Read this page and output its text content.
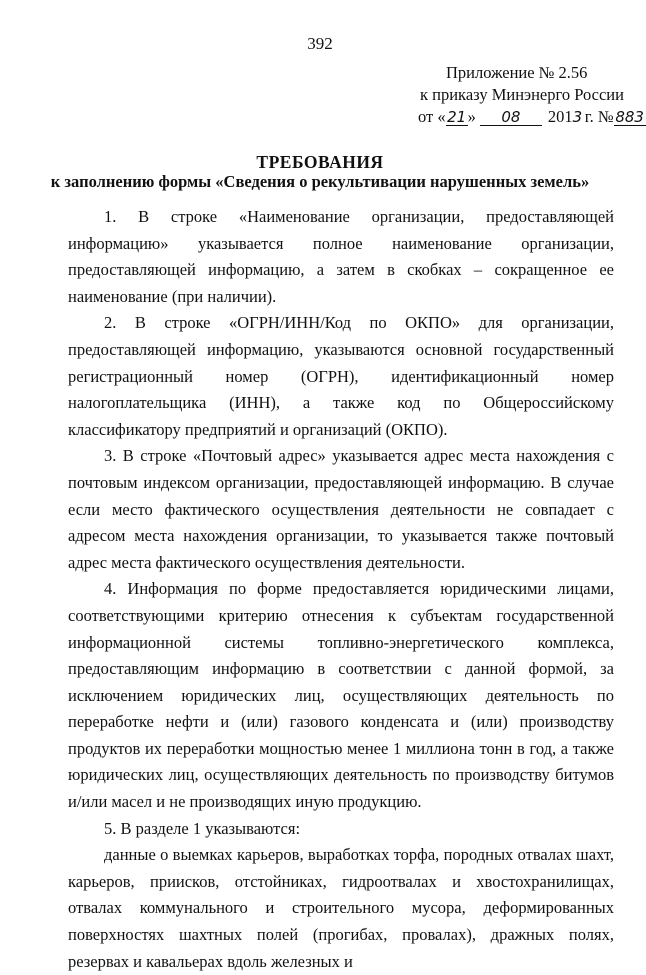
392
Приложение № 2.56
к приказу Минэнерго России
от «21» 08 2013 г. № 883
ТРЕБОВАНИЯ
к заполнению формы «Сведения о рекультивации нарушенных земель»

1. В строке «Наименование организации, предоставляющей информацию» указывается полное наименование организации, предоставляющей информацию, а затем в скобках – сокращенное ее наименование (при наличии).

2. В строке «ОГРН/ИНН/Код по ОКПО» для организации, предоставляющей информацию, указываются основной государственный регистрационный номер (ОГРН), идентификационный номер налогоплательщика (ИНН), а также код по Общероссийскому классификатору предприятий и организаций (ОКПО).

3. В строке «Почтовый адрес» указывается адрес места нахождения с почтовым индексом организации, предоставляющей информацию. В случае если место фактического осуществления деятельности не совпадает с адресом места нахождения организации, то указывается также почтовый адрес места фактического осуществления деятельности.

4. Информация по форме предоставляется юридическими лицами, соответствующими критерию отнесения к субъектам государственной информационной системы топливно-энергетического комплекса, предоставляющим информацию в соответствии с данной формой, за исключением юридических лиц, осуществляющих деятельность по переработке нефти и (или) газового конденсата и (или) производству продуктов их переработки мощностью менее 1 миллиона тонн в год, а также юридических лиц, осуществляющих деятельность по производству битумов и/или масел и не производящих иную продукцию.

5. В разделе 1 указываются:

данные о выемках карьеров, выработках торфа, породных отвалах шахт, карьеров, приисков, отстойниках, гидроотвалах и хвостохранилищах, отвалах коммунального и строительного мусора, деформированных поверхностях шахтных полей (прогибах, провалах), дражных полях, резервах и кавальерах вдоль железных и
